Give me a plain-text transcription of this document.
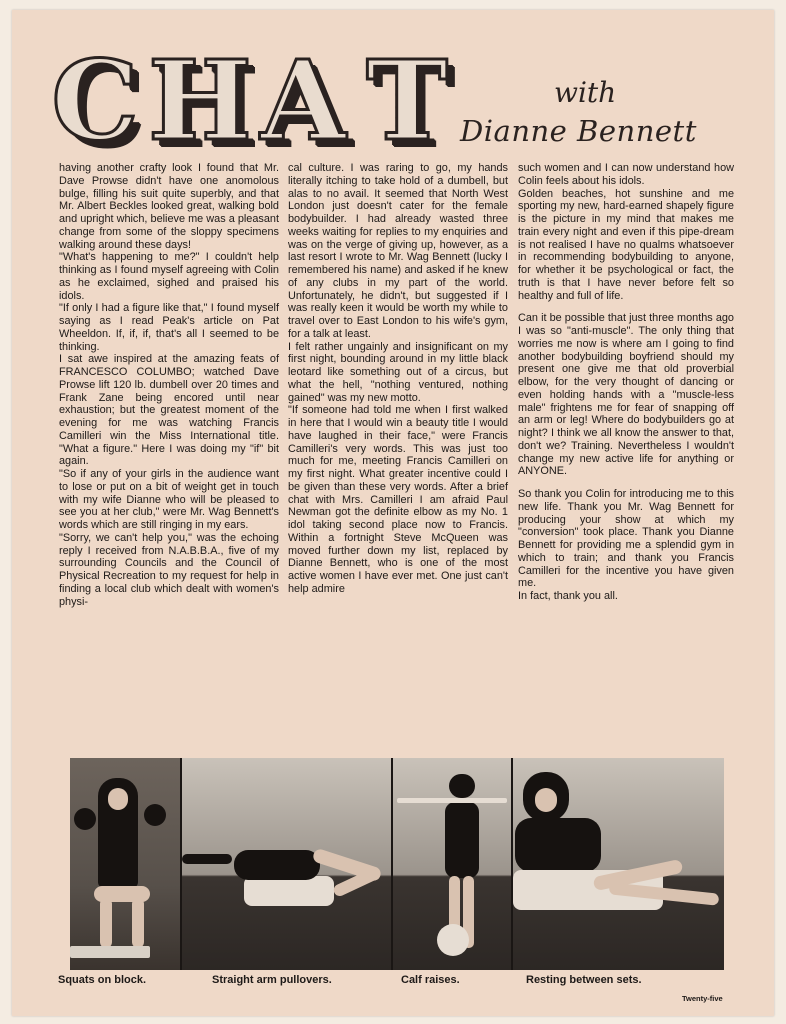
C H A T	with
Dianne Bennett

having another crafty look I found that Mr. Dave Prowse didn't have one anomolous bulge, filling his suit quite superbly, and that Mr. Albert Beckles looked great, walking bold and upright which, believe me was a pleasant change from some of the sloppy specimens walking around these days!

"What's happening to me?" I couldn't help thinking as I found myself agreeing with Colin as he exclaimed, sighed and praised his idols.

"If only I had a figure like that," I found myself saying as I read Peak's article on Pat Wheeldon. If, if, if, that's all I seemed to be thinking.

I sat awe inspired at the amazing feats of FRANCESCO COLUMBO; watched Dave Prowse lift 120 lb. dumbell over 20 times and Frank Zane being encored until near exhaustion; but the greatest moment of the evening for me was watching Francis Camilleri win the Miss International title. "What a figure." Here I was doing my "if" bit again.

"So if any of your girls in the audience want to lose or put on a bit of weight get in touch with my wife Dianne who will be pleased to see you at her club," were Mr. Wag Bennett's words which are still ringing in my ears.

"Sorry, we can't help you," was the echoing reply I received from N.A.B.B.A., five of my surrounding Councils and the Council of Physical Recreation to my request for help in finding a local club which dealt with women's physi-

cal culture. I was raring to go, my hands literally itching to take hold of a dumbell, but alas to no avail. It seemed that North West London just doesn't cater for the female bodybuilder. I had already wasted three weeks waiting for replies to my enquiries and was on the verge of giving up, however, as a last resort I wrote to Mr. Wag Bennett (lucky I remembered his name) and asked if he knew of any clubs in my part of the world. Unfortunately, he didn't, but suggested if I was really keen it would be worth my while to travel over to East London to his wife's gym, for a talk at least.

I felt rather ungainly and insignificant on my first night, bounding around in my little black leotard like something out of a circus, but what the hell, "nothing ventured, nothing gained" was my new motto.

"If someone had told me when I first walked in here that I would win a beauty title I would have laughed in their face," were Francis Camilleri's very words. This was just too much for me, meeting Francis Camilleri on my first night. What greater incentive could I be given than these very words. After a brief chat with Mrs. Camilleri I am afraid Paul Newman got the definite elbow as my No. 1 idol taking second place now to Francis. Within a fortnight Steve McQueen was moved further down my list, replaced by Dianne Bennett, who is one of the most active women I have ever met. One just can't help admire

such women and I can now understand how Colin feels about his idols.

Golden beaches, hot sunshine and me sporting my new, hard-earned shapely figure is the picture in my mind that makes me train every night and even if this pipe-dream is not realised I have no qualms whatsoever in recommending bodybuilding to anyone, for whether it be psychological or fact, the truth is that I have never before felt so healthy and full of life.

Can it be possible that just three months ago I was so "anti-muscle". The only thing that worries me now is where am I going to find another bodybuilding boyfriend should my present one give me that old proverbial elbow, for the very thought of dancing or even holding hands with a "muscle-less male" frightens me for fear of snapping off an arm or leg! Where do bodybuilders go at night? I think we all know the answer to that, don't we? Training. Nevertheless I wouldn't change my new active life for anything or ANYONE.

So thank you Colin for introducing me to this new life. Thank you Mr. Wag Bennett for producing your show at which my "conversion" took place. Thank you Dianne Bennett for providing me a splendid gym in which to train; and thank you Francis Camilleri for the incentive you have given me.

In fact, thank you all.

Squats on block.	Straight arm pullovers.	Calf raises.	Resting between sets.
Twenty-five
